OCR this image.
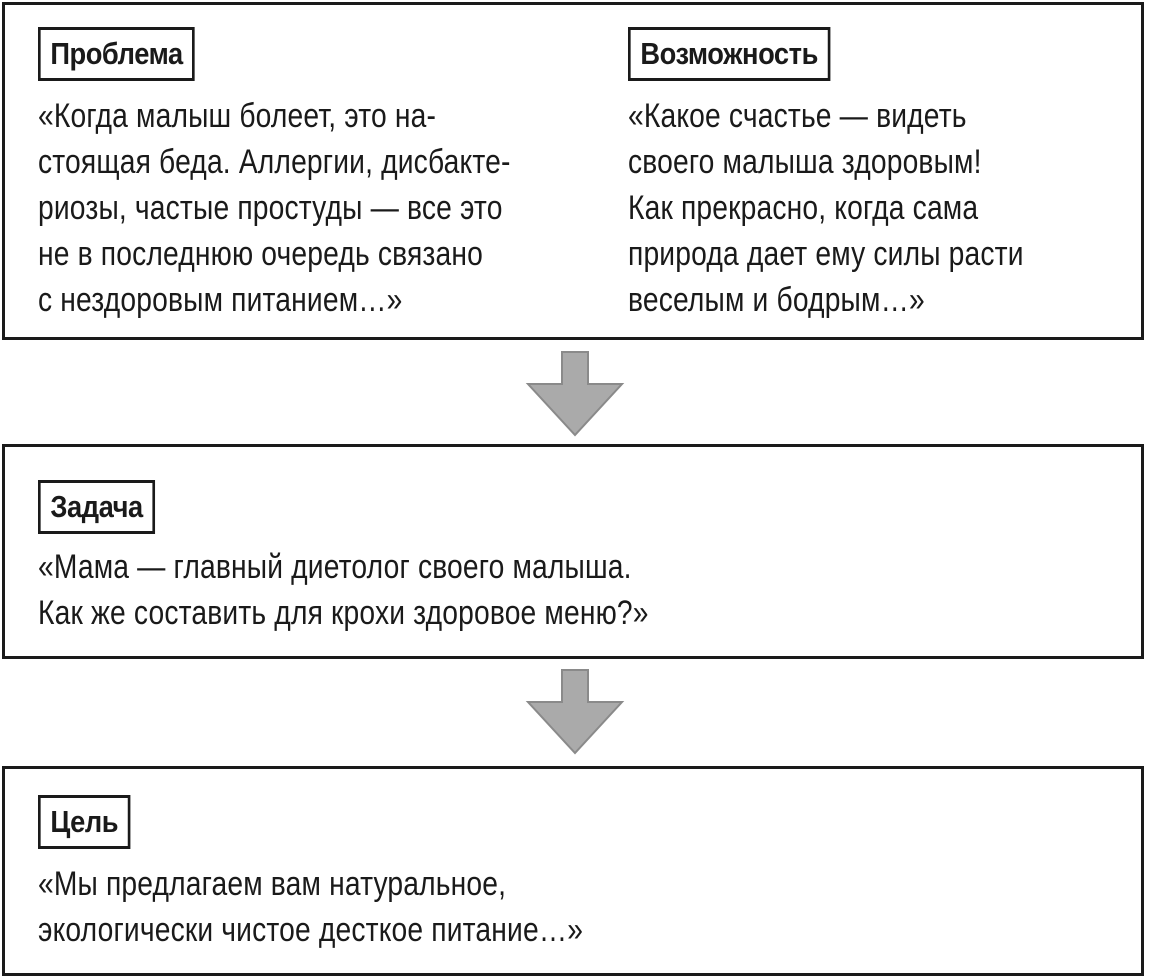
Проблема
«Когда малыш болеет, это на-
стоящая беда. Аллергии, дисбакте-
риозы, частые простуды — все это
не в последнюю очередь связано
с нездоровым питанием…»
Возможность
«Какое счастье — видеть
своего малыша здоровым!
Как прекрасно, когда сама
природа дает ему силы расти
веселым и бодрым…»
Задача
«Мама — главный диетолог своего малыша.
Как же составить для крохи здоровое меню?»
Цель
«Мы предлагаем вам натуральное,
экологически чистое десткое питание…»
